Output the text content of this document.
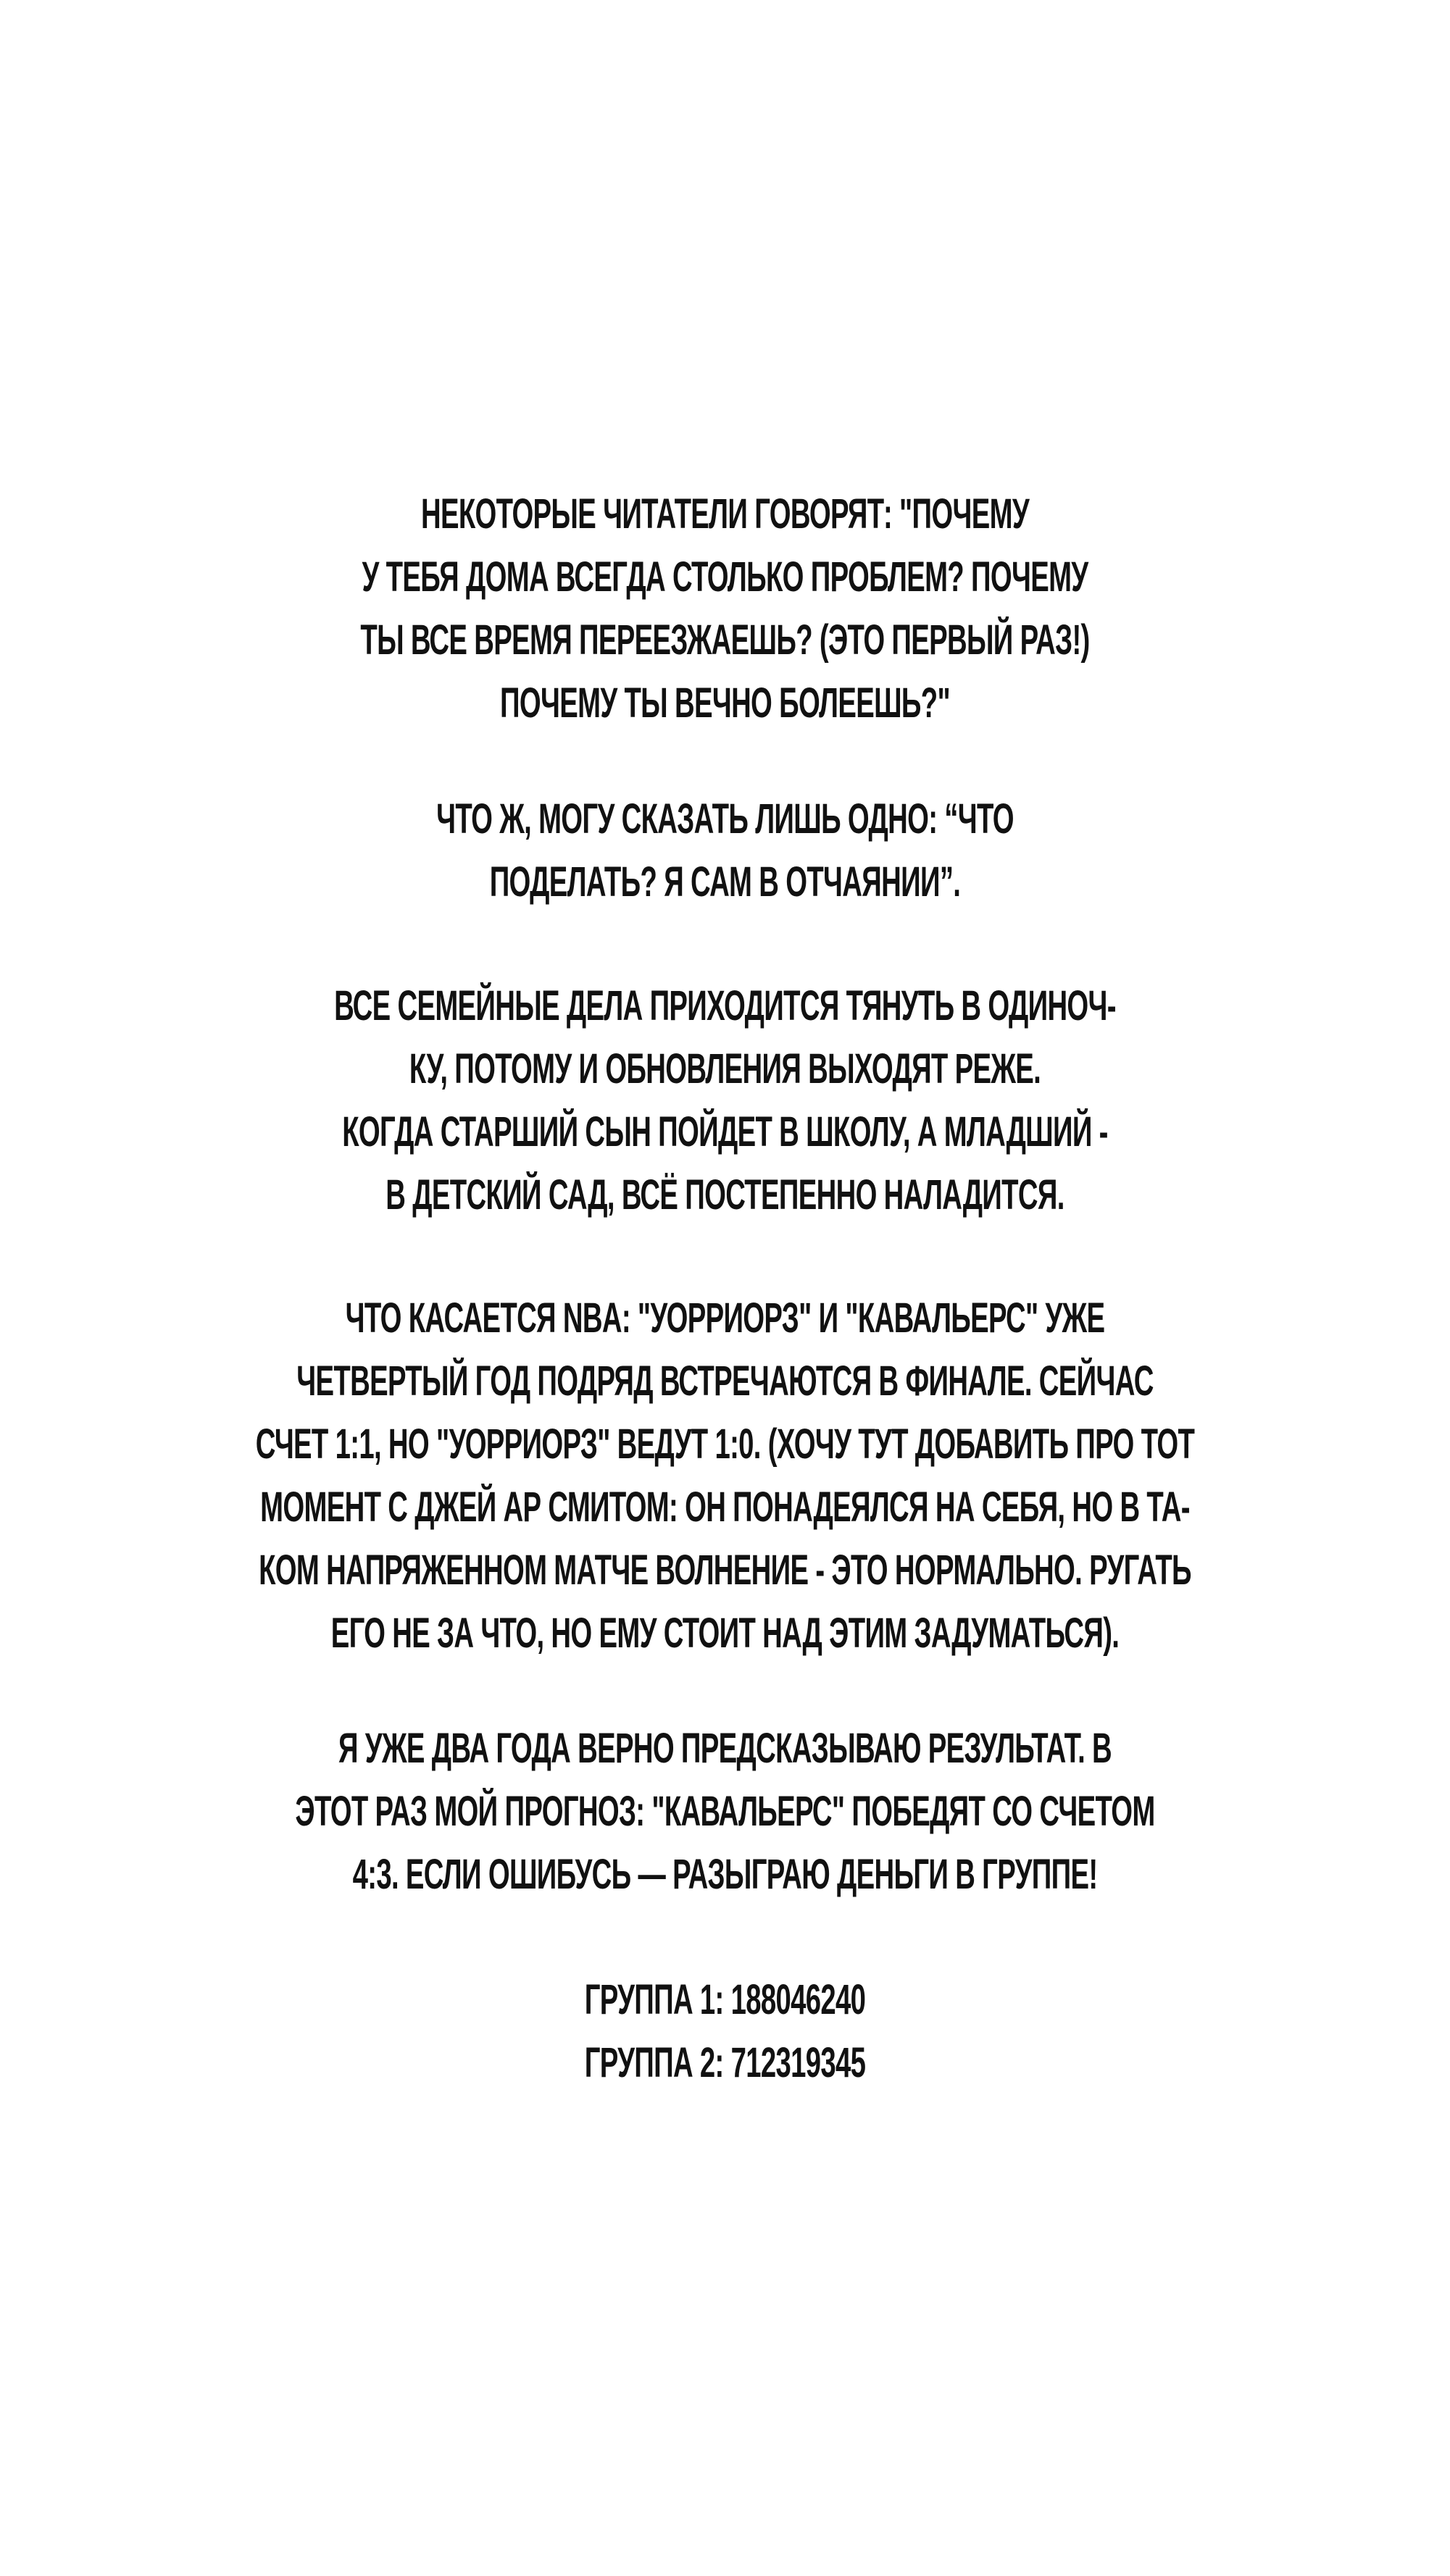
НЕКОТОРЫЕ ЧИТАТЕЛИ ГОВОРЯТ: "ПОЧЕМУ
У ТЕБЯ ДОМА ВСЕГДА СТОЛЬКО ПРОБЛЕМ? ПОЧЕМУ
ТЫ ВСЕ ВРЕМЯ ПЕРЕЕЗЖАЕШЬ? (ЭТО ПЕРВЫЙ РАЗ!)
ПОЧЕМУ ТЫ ВЕЧНО БОЛЕЕШЬ?"
ЧТО Ж, МОГУ СКАЗАТЬ ЛИШЬ ОДНО: “ЧТО
ПОДЕЛАТЬ? Я САМ В ОТЧАЯНИИ”.
ВСЕ СЕМЕЙНЫЕ ДЕЛА ПРИХОДИТСЯ ТЯНУТЬ В ОДИНОЧ-
КУ, ПОТОМУ И ОБНОВЛЕНИЯ ВЫХОДЯТ РЕЖЕ.
КОГДА СТАРШИЙ СЫН ПОЙДЕТ В ШКОЛУ, А МЛАДШИЙ -
В ДЕТСКИЙ САД, ВСЁ ПОСТЕПЕННО НАЛАДИТСЯ.
ЧТО КАСАЕТСЯ NBA: "УОРРИОРЗ" И "КАВАЛЬЕРС" УЖЕ
ЧЕТВЕРТЫЙ ГОД ПОДРЯД ВСТРЕЧАЮТСЯ В ФИНАЛЕ. СЕЙЧАС
СЧЕТ 1:1, НО "УОРРИОРЗ" ВЕДУТ 1:0. (ХОЧУ ТУТ ДОБАВИТЬ ПРО ТОТ
МОМЕНТ С ДЖЕЙ АР СМИТОМ: ОН ПОНАДЕЯЛСЯ НА СЕБЯ, НО В ТА-
КОМ НАПРЯЖЕННОМ МАТЧЕ ВОЛНЕНИЕ - ЭТО НОРМАЛЬНО. РУГАТЬ
ЕГО НЕ ЗА ЧТО, НО ЕМУ СТОИТ НАД ЭТИМ ЗАДУМАТЬСЯ).
Я УЖЕ ДВА ГОДА ВЕРНО ПРЕДСКАЗЫВАЮ РЕЗУЛЬТАТ. В
ЭТОТ РАЗ МОЙ ПРОГНОЗ: "КАВАЛЬЕРС" ПОБЕДЯТ СО СЧЕТОМ
4:3. ЕСЛИ ОШИБУСЬ — РАЗЫГРАЮ ДЕНЬГИ В ГРУППЕ!
ГРУППА 1: 188046240
ГРУППА 2: 712319345
